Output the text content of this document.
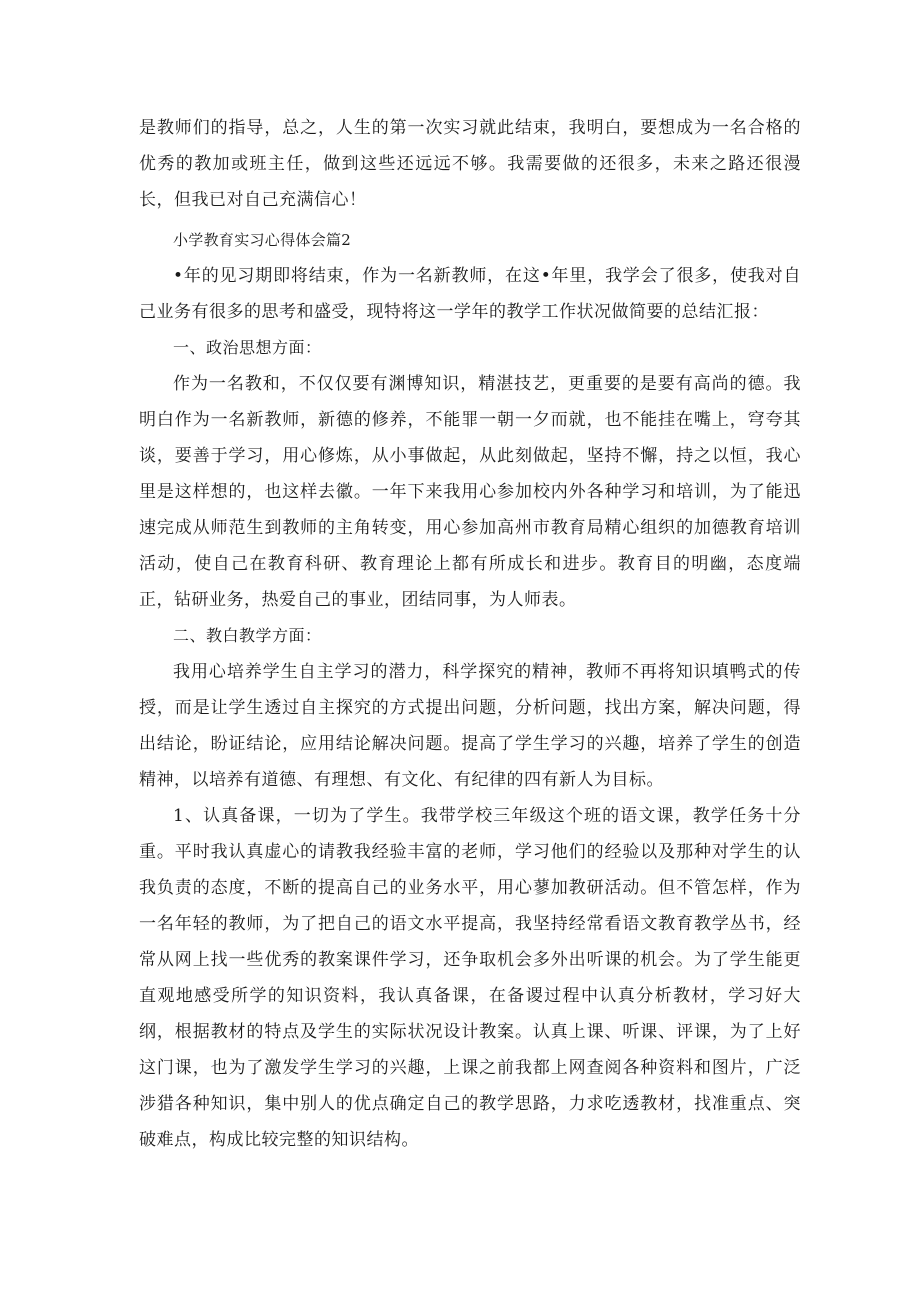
是教师们的指导，总之，人生的第一次实习就此结束，我明白，要想成为一名合格的优秀的教加或班主任，做到这些还远远不够。我需要做的还很多，未来之路还很漫长，但我已对自己充满信心！

小学教育实习心得体会篇2

•年的见习期即将结束，作为一名新教师，在这•年里，我学会了很多，使我对自己业务有很多的思考和盛受，现特将这一学年的教学工作状况做简要的总结汇报：

一、政治思想方面：

作为一名教和，不仅仅要有渊博知识，精湛技艺，更重要的是要有高尚的德。我明白作为一名新教师，新德的修养，不能罪一朝一夕而就，也不能挂在嘴上，穹夸其谈，要善于学习，用心修炼，从小事做起，从此刻做起，坚持不懈，持之以恒，我心里是这样想的，也这样去徽。一年下来我用心参加校内外各种学习和培训，为了能迅速完成从师范生到教师的主角转变，用心参加高州市教育局精心组织的加德教育培训活动，使自己在教育科研、教育理论上都有所成长和进步。教育目的明幽，态度端正，钻研业务，热爱自己的事业，团结同事，为人师表。

二、教白教学方面：

我用心培养学生自主学习的潜力，科学探究的精神，教师不再将知识填鸭式的传授，而是让学生透过自主探究的方式提出问题，分析问题，找出方案，解决问题，得出结论，盼证结论，应用结论解决问题。提高了学生学习的兴趣，培养了学生的创造精神，以培养有道德、有理想、有文化、有纪律的四有新人为目标。

1、认真备课，一切为了学生。我带学校三年级这个班的语文课，教学任务十分重。平时我认真虚心的请教我经验丰富的老师，学习他们的经验以及那种对学生的认我负责的态度，不断的提高自己的业务水平，用心蓼加教研活动。但不管怎样，作为一名年轻的教师，为了把自己的语文水平提高，我坚持经常看语文教育教学丛书，经常从网上找一些优秀的教案课件学习，还争取机会多外出听课的机会。为了学生能更直观地感受所学的知识资料，我认真备课，在备谡过程中认真分析教材，学习好大纲，根据教材的特点及学生的实际状况设计教案。认真上课、听课、评课，为了上好这门课，也为了激发学生学习的兴趣，上课之前我都上网查阅各种资料和图片，广泛涉猎各种知识，集中别人的优点确定自己的教学思路，力求吃透教材，找准重点、突破难点，构成比较完整的知识结构。
